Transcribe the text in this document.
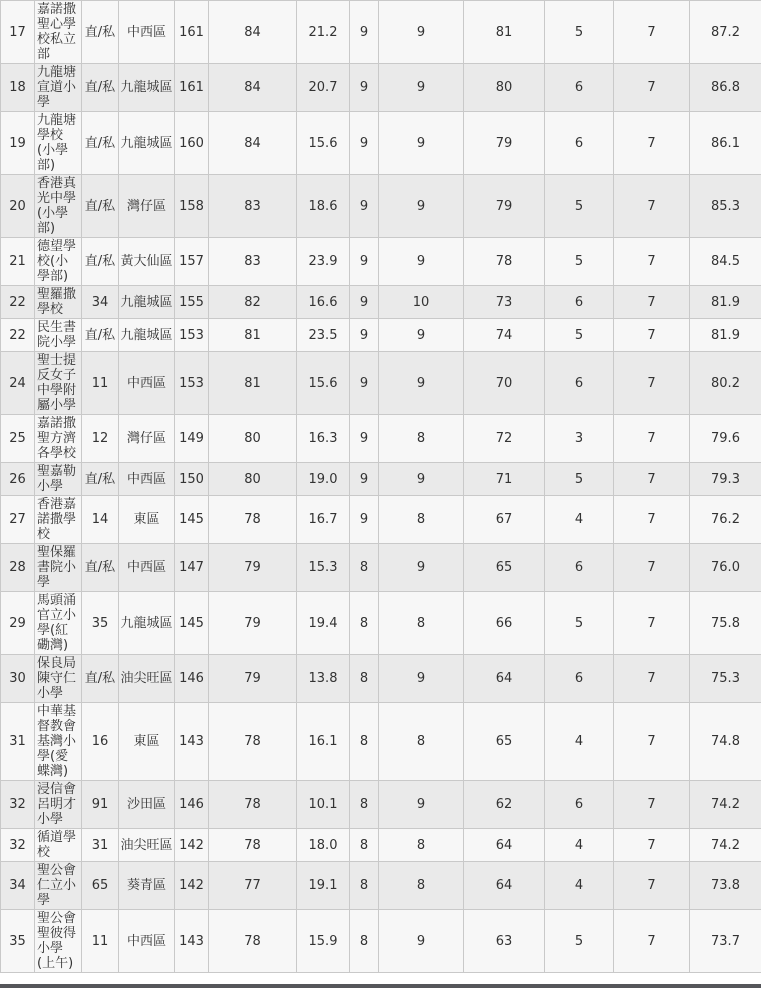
17	嘉諾撒聖心學校私立部	直/私	中西區	161	84	21.2	9	9	81	5	7	87.2
18	九龍塘宣道小學	直/私	九龍城區	161	84	20.7	9	9	80	6	7	86.8
19	九龍塘學校(小學部)	直/私	九龍城區	160	84	15.6	9	9	79	6	7	86.1
20	香港真光中學(小學部)	直/私	灣仔區	158	83	18.6	9	9	79	5	7	85.3
21	德望學校(小學部)	直/私	黃大仙區	157	83	23.9	9	9	78	5	7	84.5
22	聖羅撒學校	34	九龍城區	155	82	16.6	9	10	73	6	7	81.9
22	民生書院小學	直/私	九龍城區	153	81	23.5	9	9	74	5	7	81.9
24	聖士提反女子中學附屬小學	11	中西區	153	81	15.6	9	9	70	6	7	80.2
25	嘉諾撒聖方濟各學校	12	灣仔區	149	80	16.3	9	8	72	3	7	79.6
26	聖嘉勒小學	直/私	中西區	150	80	19.0	9	9	71	5	7	79.3
27	香港嘉諾撒學校	14	東區	145	78	16.7	9	8	67	4	7	76.2
28	聖保羅書院小學	直/私	中西區	147	79	15.3	8	9	65	6	7	76.0
29	馬頭涌官立小學(紅磡灣)	35	九龍城區	145	79	19.4	8	8	66	5	7	75.8
30	保良局陳守仁小學	直/私	油尖旺區	146	79	13.8	8	9	64	6	7	75.3
31	中華基督教會基灣小學(愛蝶灣)	16	東區	143	78	16.1	8	8	65	4	7	74.8
32	浸信會呂明才小學	91	沙田區	146	78	10.1	8	9	62	6	7	74.2
32	循道學校	31	油尖旺區	142	78	18.0	8	8	64	4	7	74.2
34	聖公會仁立小學	65	葵青區	142	77	19.1	8	8	64	4	7	73.8
35	聖公會聖彼得小學(上午)	11	中西區	143	78	15.9	8	9	63	5	7	73.7
